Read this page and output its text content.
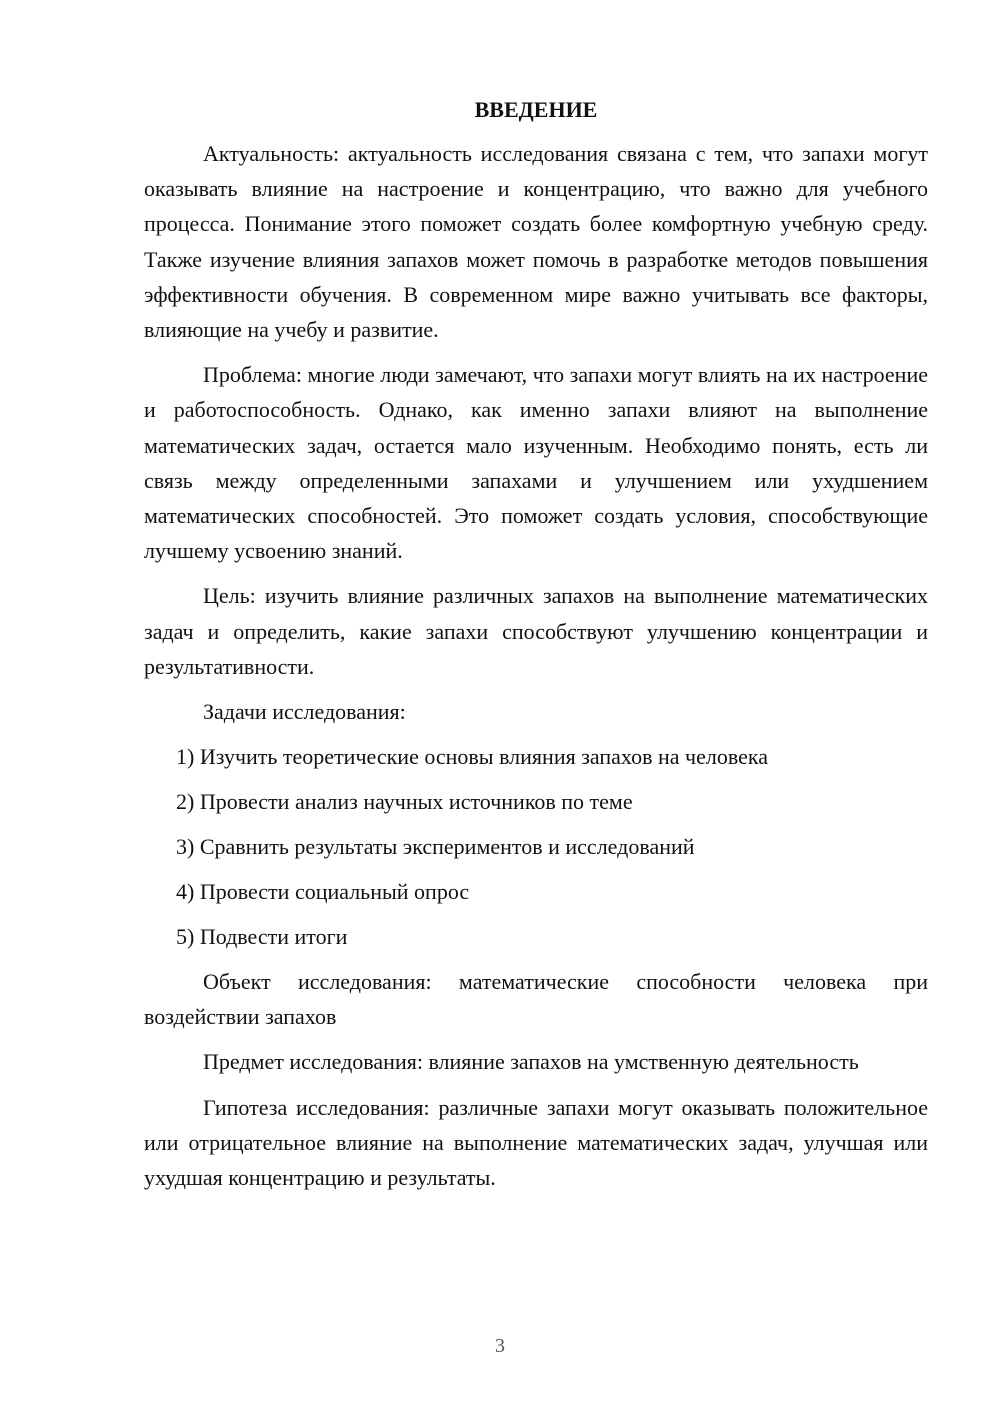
ВВЕДЕНИЕ

Актуальность: актуальность исследования связана с тем, что запахи могут оказывать влияние на настроение и концентрацию, что важно для учебного процесса. Понимание этого поможет создать более комфортную учебную среду. Также изучение влияния запахов может помочь в разработке методов повышения эффективности обучения. В современном мире важно учитывать все факторы, влияющие на учебу и развитие.

Проблема: многие люди замечают, что запахи могут влиять на их настроение и работоспособность. Однако, как именно запахи влияют на выполнение математических задач, остается мало изученным. Необходимо понять, есть ли связь между определенными запахами и улучшением или ухудшением математических способностей. Это поможет создать условия, способствующие лучшему усвоению знаний.

Цель: изучить влияние различных запахов на выполнение математических задач и определить, какие запахи способствуют улучшению концентрации и результативности.

Задачи исследования:

1) Изучить теоретические основы влияния запахов на человека

2) Провести анализ научных источников по теме

3) Сравнить результаты экспериментов и исследований

4) Провести социальный опрос

5) Подвести итоги

Объект исследования: математические способности человека при воздействии запахов

Предмет исследования: влияние запахов на умственную деятельность

Гипотеза исследования: различные запахи могут оказывать положительное или отрицательное влияние на выполнение математических задач, улучшая или ухудшая концентрацию и результаты.

3
